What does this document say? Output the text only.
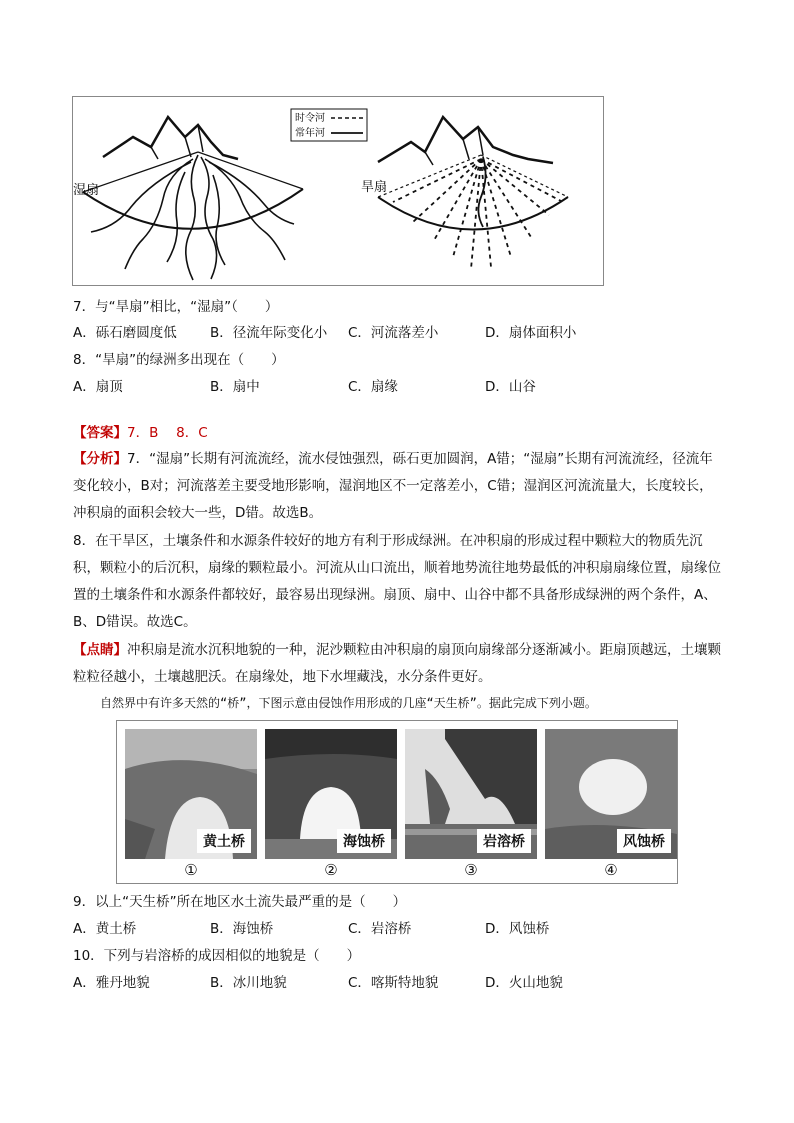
湿扇
时令河
常年河
旱扇
7．与“旱扇”相比，“湿扇”（　　）
A．砾石磨圆度低 B．径流年际变化小 C．河流落差小	D．扇体面积小
8．“旱扇”的绿洲多出现在（　　）
A．扇顶	B．扇中	C．扇缘	D．山谷
【答案】7．B　 8．C
【分析】7．“湿扇”长期有河流流经，流水侵蚀强烈，砾石更加圆润，A错；“湿扇”长期有河流流经，径流年变化较小，B对；河流落差主要受地形影响，湿润地区不一定落差小，C错；湿润区河流流量大，长度较长，冲积扇的面积会较大一些，D错。故选B。
8．在干旱区，土壤条件和水源条件较好的地方有利于形成绿洲。在冲积扇的形成过程中颗粒大的物质先沉积，颗粒小的后沉积，扇缘的颗粒最小。河流从山口流出，顺着地势流往地势最低的冲积扇扇缘位置，扇缘位置的土壤条件和水源条件都较好，最容易出现绿洲。扇顶、扇中、山谷中都不具备形成绿洲的两个条件，A、B、D错误。故选C。
【点睛】冲积扇是流水沉积地貌的一种，泥沙颗粒由冲积扇的扇顶向扇缘部分逐渐减小。距扇顶越远，土壤颗粒粒径越小，土壤越肥沃。在扇缘处，地下水埋藏浅，水分条件更好。
自然界中有许多天然的“桥”，下图示意由侵蚀作用形成的几座“天生桥”。据此完成下列小题。
黄土桥	海蚀桥	岩溶桥	风蚀桥
①	②	③	④
9．以上“天生桥”所在地区水土流失最严重的是（　　）
A．黄土桥	B．海蚀桥	C．岩溶桥	D．风蚀桥
10．下列与岩溶桥的成因相似的地貌是（　　）
A．雅丹地貌	B．冰川地貌	C．喀斯特地貌	D．火山地貌
